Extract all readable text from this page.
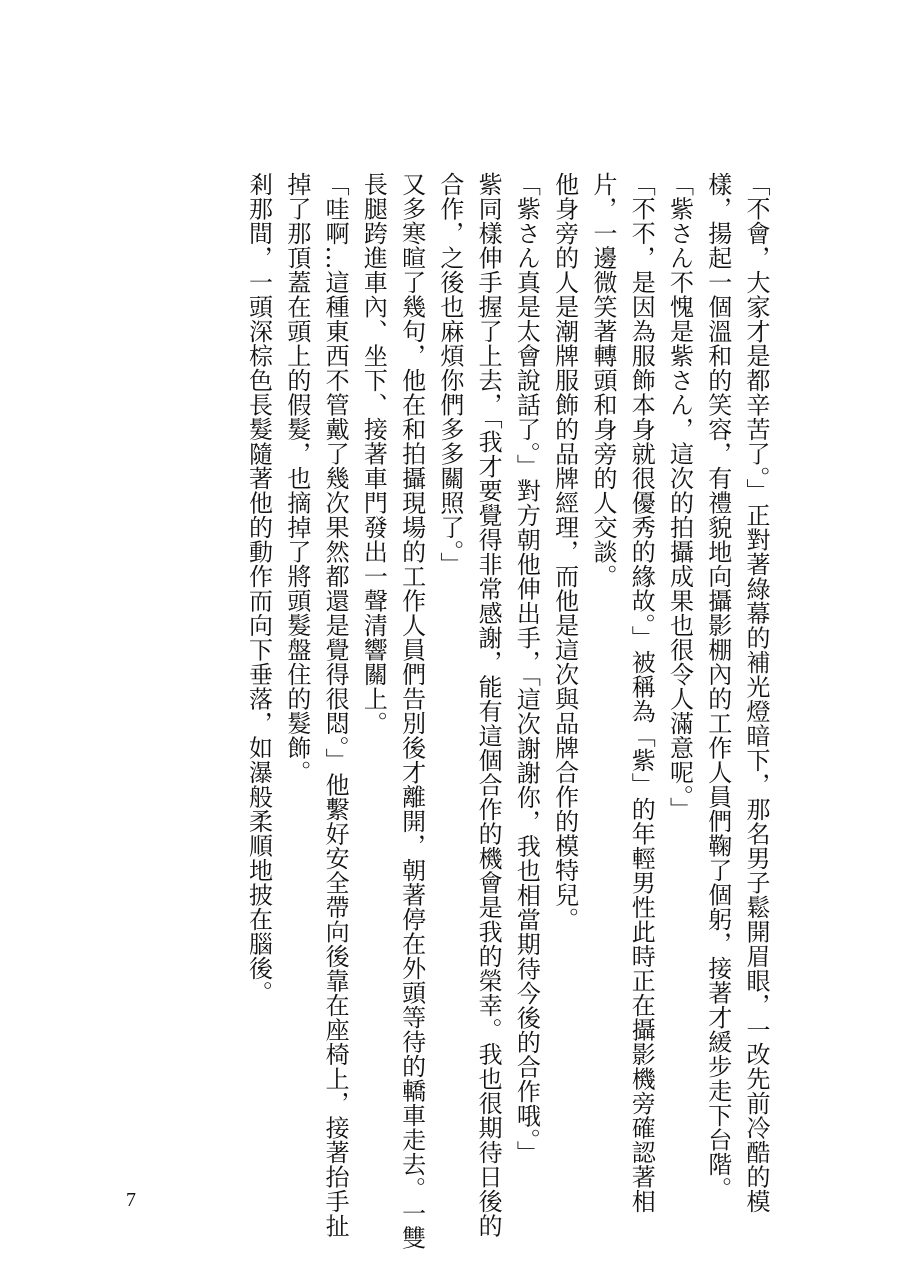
「不會，大家才是都辛苦了。」正對著綠幕的補光燈暗下，那名男子鬆開眉眼，一改先前冷酷的模
樣，揚起一個溫和的笑容，有禮貌地向攝影棚內的工作人員們鞠了個躬，接著才緩步走下台階。
「紫さん不愧是紫さん，這次的拍攝成果也很令人滿意呢。」
「不不，是因為服飾本身就很優秀的緣故。」被稱為「紫」的年輕男性此時正在攝影機旁確認著相
片，一邊微笑著轉頭和身旁的人交談。
他身旁的人是潮牌服飾的品牌經理，而他是這次與品牌合作的模特兒。
「紫さん真是太會說話了。」對方朝他伸出手，「這次謝謝你，我也相當期待今後的合作哦。」
紫同樣伸手握了上去，「我才要覺得非常感謝，能有這個合作的機會是我的榮幸。我也很期待日後的
合作，之後也麻煩你們多多關照了。」
又多寒暄了幾句，他在和拍攝現場的工作人員們告別後才離開，朝著停在外頭等待的轎車走去。一雙
長腿跨進車內、坐下、接著車門發出一聲清響關上。
「哇啊…這種東西不管戴了幾次果然都還是覺得很悶。」他繫好安全帶向後靠在座椅上，接著抬手扯
掉了那頂蓋在頭上的假髮，也摘掉了將頭髮盤住的髮飾。
剎那間，一頭深棕色長髮隨著他的動作而向下垂落，如瀑般柔順地披在腦後。
7
